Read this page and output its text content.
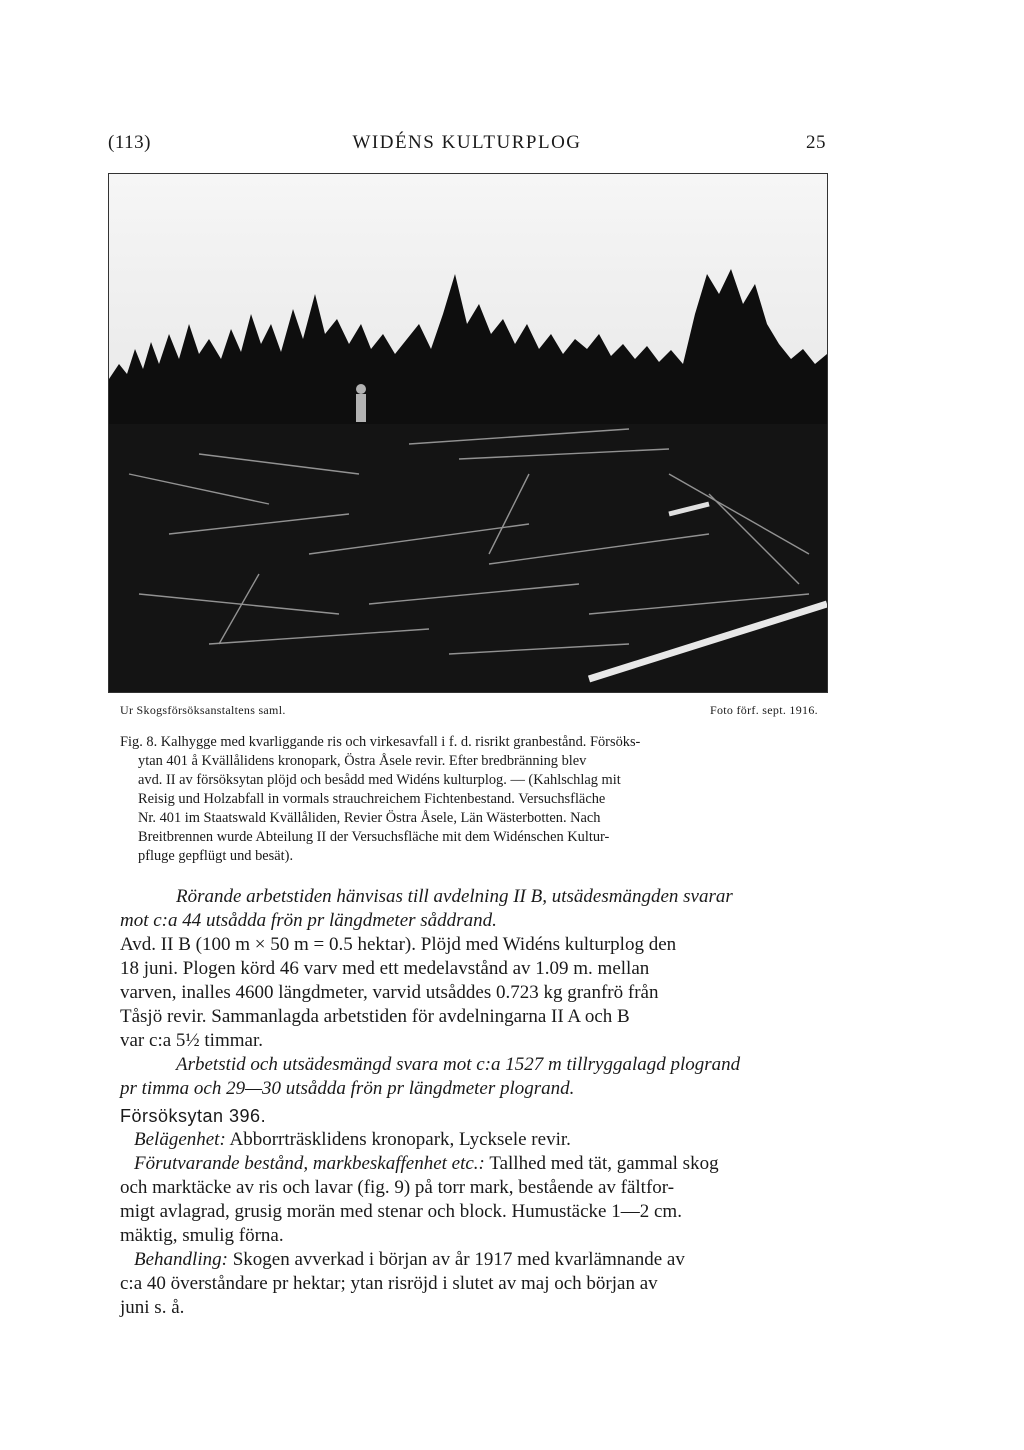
(113)	WIDÉNS KULTURPLOG	25
Ur Skogsförsöksanstaltens saml.	Foto förf. sept. 1916.
Fig. 8. Kalhygge med kvarliggande ris och virkesavfall i f. d. risrikt granbestånd. Försöks-
ytan 401 å Kvällålidens kronopark, Östra Åsele revir. Efter bredbränning blev
avd. II av försöksytan plöjd och besådd med Widéns kulturplog. — (Kahlschlag mit
Reisig und Holzabfall in vormals strauchreichem Fichtenbestand. Versuchsfläche
Nr. 401 im Staatswald Kvällåliden, Revier Östra Åsele, Län Wästerbotten. Nach
Breitbrennen wurde Abteilung II der Versuchsfläche mit dem Widénschen Kultur-
pfluge gepflügt und besät).
Rörande arbetstiden hänvisas till avdelning II B, utsädesmängden svarar
mot c:a 44 utsådda frön pr längdmeter såddrand.
Avd. II B (100 m × 50 m = 0.5 hektar). Plöjd med Widéns kulturplog den
18 juni. Plogen körd 46 varv med ett medelavstånd av 1.09 m. mellan
varven, inalles 4600 längdmeter, varvid utsåddes 0.723 kg granfrö från
Tåsjö revir. Sammanlagda arbetstiden för avdelningarna II A och B
var c:a 5½ timmar.
Arbetstid och utsädesmängd svara mot c:a 1527 m tillryggalagd plogrand
pr timma och 29—30 utsådda frön pr längdmeter plogrand.
Försöksytan 396.
Belägenhet: Abborrträsklidens kronopark, Lycksele revir.
Förutvarande bestånd, markbeskaffenhet etc.: Tallhed med tät, gammal skog
och marktäcke av ris och lavar (fig. 9) på torr mark, bestående av fältfor-
migt avlagrad, grusig morän med stenar och block. Humustäcke 1—2 cm.
mäktig, smulig förna.
Behandling: Skogen avverkad i början av år 1917 med kvarlämnande av
c:a 40 överståndare pr hektar; ytan risröjd i slutet av maj och början av
juni s. å.
